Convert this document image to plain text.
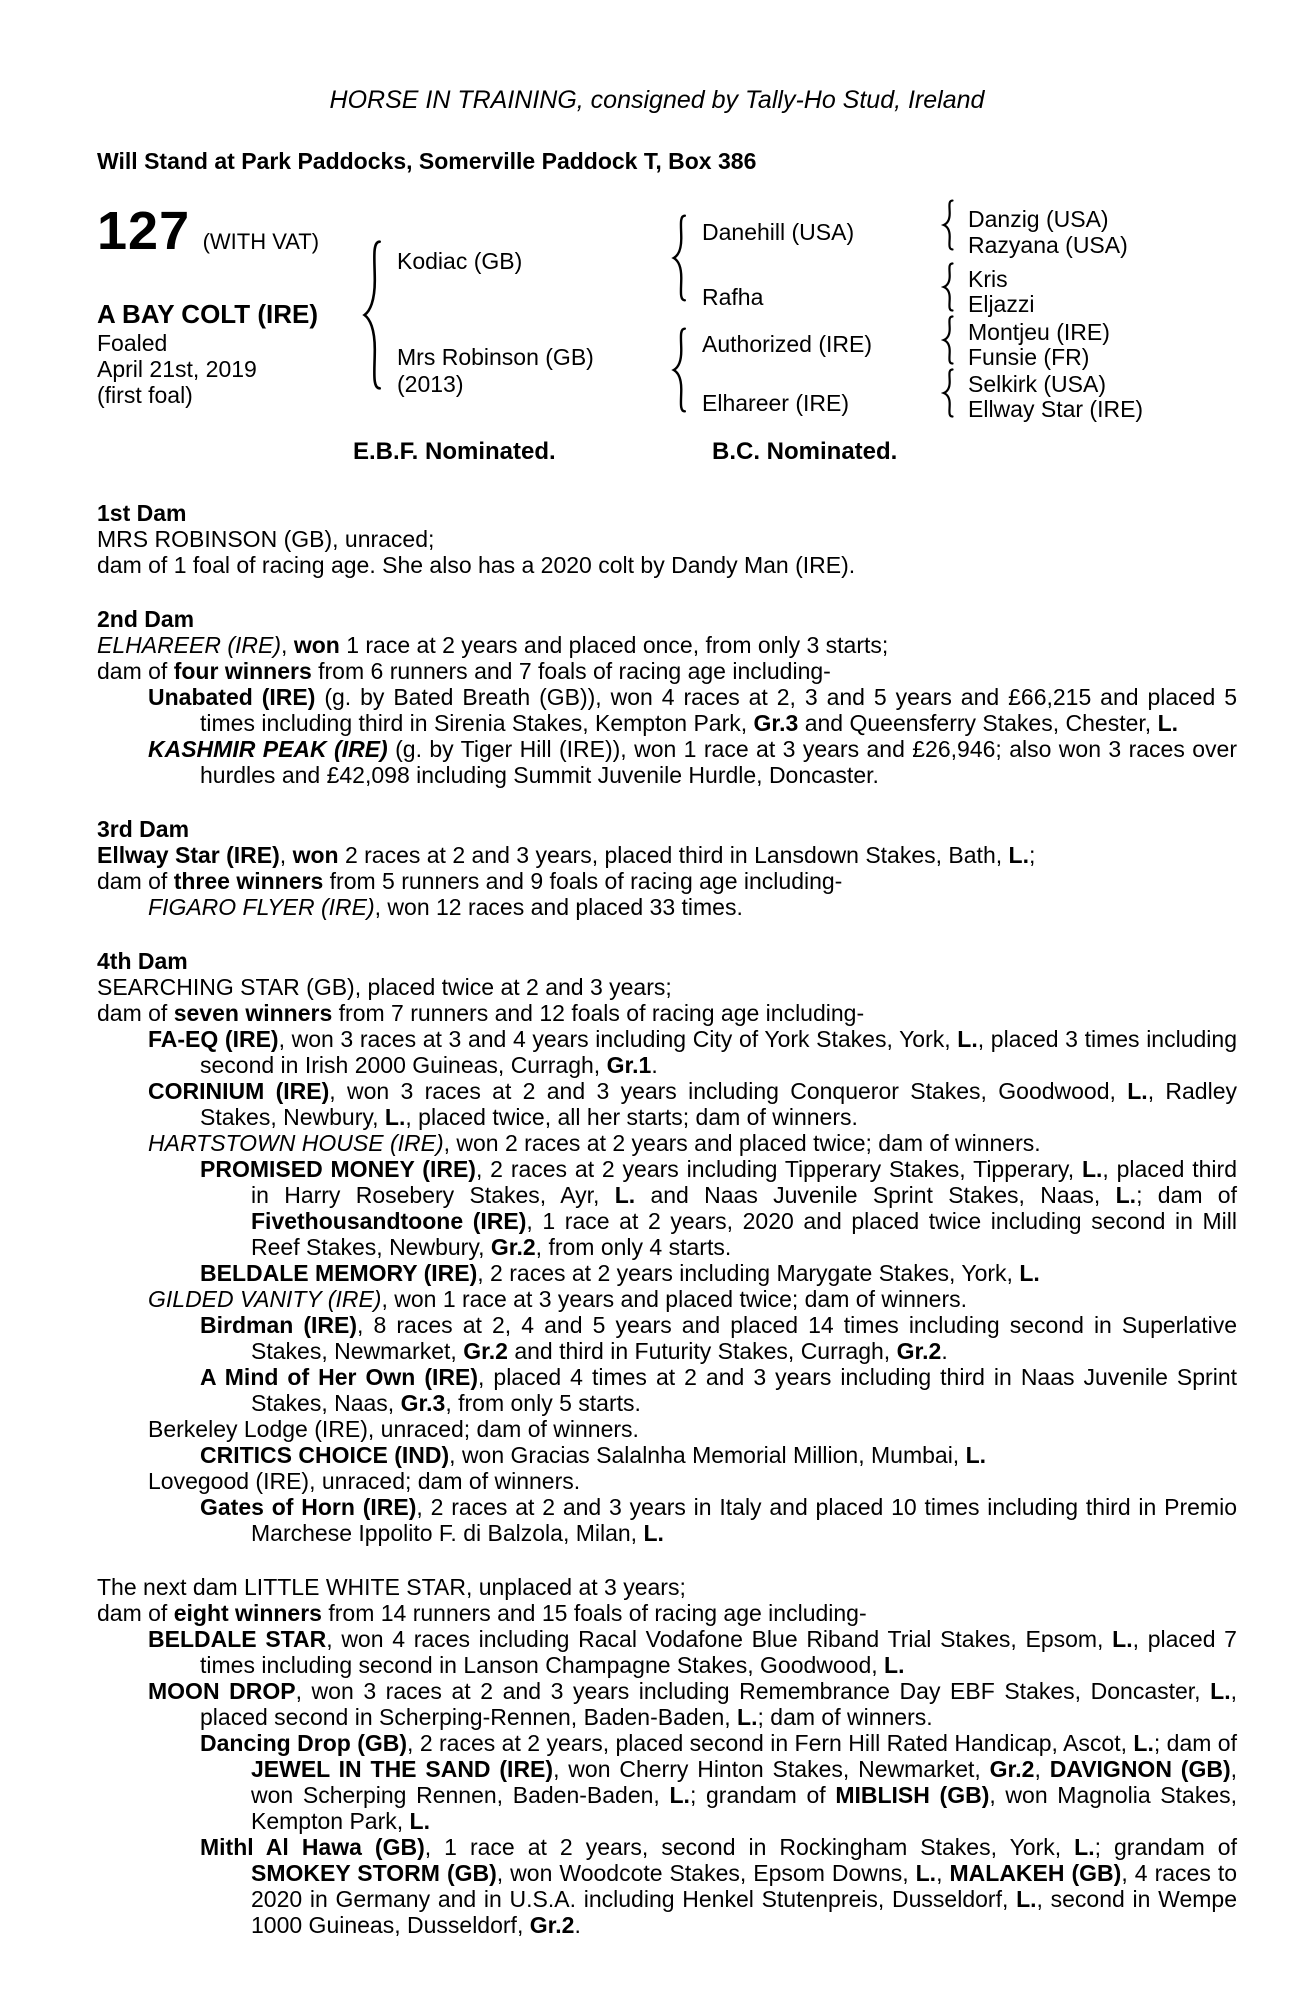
HORSE IN TRAINING, consigned by Tally-Ho Stud, Ireland
Will Stand at Park Paddocks, Somerville Paddock T, Box 386
127 (WITH VAT)
A BAY COLT (IRE)
Foaled
April 21st, 2019
(first foal)
Kodiac (GB)
Mrs Robinson (GB)
(2013)
Danehill (USA)
Rafha
Authorized (IRE)
Elhareer (IRE)
Danzig (USA)
Razyana (USA)
Kris
Eljazzi
Montjeu (IRE)
Funsie (FR)
Selkirk (USA)
Ellway Star (IRE)
E.B.F. Nominated.	B.C. Nominated.
1st Dam

MRS ROBINSON (GB), unraced;

dam of 1 foal of racing age. She also has a 2020 colt by Dandy Man (IRE).

2nd Dam

ELHAREER (IRE), won 1 race at 2 years and placed once, from only 3 starts;

dam of four winners from 6 runners and 7 foals of racing age including-

Unabated (IRE) (g. by Bated Breath (GB)), won 4 races at 2, 3 and 5 years and £66,215 and placed 5 times including third in Sirenia Stakes, Kempton Park, Gr.3 and Queensferry Stakes, Chester, L.

KASHMIR PEAK (IRE) (g. by Tiger Hill (IRE)), won 1 race at 3 years and £26,946; also won 3 races over hurdles and £42,098 including Summit Juvenile Hurdle, Doncaster.

3rd Dam

Ellway Star (IRE), won 2 races at 2 and 3 years, placed third in Lansdown Stakes, Bath, L.;

dam of three winners from 5 runners and 9 foals of racing age including-

FIGARO FLYER (IRE), won 12 races and placed 33 times.

4th Dam

SEARCHING STAR (GB), placed twice at 2 and 3 years;

dam of seven winners from 7 runners and 12 foals of racing age including-

FA-EQ (IRE), won 3 races at 3 and 4 years including City of York Stakes, York, L., placed 3 times including second in Irish 2000 Guineas, Curragh, Gr.1.

CORINIUM (IRE), won 3 races at 2 and 3 years including Conqueror Stakes, Goodwood, L., Radley Stakes, Newbury, L., placed twice, all her starts; dam of winners.

HARTSTOWN HOUSE (IRE), won 2 races at 2 years and placed twice; dam of winners.

PROMISED MONEY (IRE), 2 races at 2 years including Tipperary Stakes, Tipperary, L., placed third in Harry Rosebery Stakes, Ayr, L. and Naas Juvenile Sprint Stakes, Naas, L.; dam of Fivethousandtoone (IRE), 1 race at 2 years, 2020 and placed twice including second in Mill Reef Stakes, Newbury, Gr.2, from only 4 starts.

BELDALE MEMORY (IRE), 2 races at 2 years including Marygate Stakes, York, L.

GILDED VANITY (IRE), won 1 race at 3 years and placed twice; dam of winners.

Birdman (IRE), 8 races at 2, 4 and 5 years and placed 14 times including second in Superlative Stakes, Newmarket, Gr.2 and third in Futurity Stakes, Curragh, Gr.2.

A Mind of Her Own (IRE), placed 4 times at 2 and 3 years including third in Naas Juvenile Sprint Stakes, Naas, Gr.3, from only 5 starts.

Berkeley Lodge (IRE), unraced; dam of winners.

CRITICS CHOICE (IND), won Gracias Salalnha Memorial Million, Mumbai, L.

Lovegood (IRE), unraced; dam of winners.

Gates of Horn (IRE), 2 races at 2 and 3 years in Italy and placed 10 times including third in Premio Marchese Ippolito F. di Balzola, Milan, L.

The next dam LITTLE WHITE STAR, unplaced at 3 years;

dam of eight winners from 14 runners and 15 foals of racing age including-

BELDALE STAR, won 4 races including Racal Vodafone Blue Riband Trial Stakes, Epsom, L., placed 7 times including second in Lanson Champagne Stakes, Goodwood, L.

MOON DROP, won 3 races at 2 and 3 years including Remembrance Day EBF Stakes, Doncaster, L., placed second in Scherping-Rennen, Baden-Baden, L.; dam of winners.

Dancing Drop (GB), 2 races at 2 years, placed second in Fern Hill Rated Handicap, Ascot, L.; dam of JEWEL IN THE SAND (IRE), won Cherry Hinton Stakes, Newmarket, Gr.2, DAVIGNON (GB), won Scherping Rennen, Baden-Baden, L.; grandam of MIBLISH (GB), won Magnolia Stakes, Kempton Park, L.

Mithl Al Hawa (GB), 1 race at 2 years, second in Rockingham Stakes, York, L.; grandam of SMOKEY STORM (GB), won Woodcote Stakes, Epsom Downs, L., MALAKEH (GB), 4 races to 2020 in Germany and in U.S.A. including Henkel Stutenpreis, Dusseldorf, L., second in Wempe 1000 Guineas, Dusseldorf, Gr.2.
